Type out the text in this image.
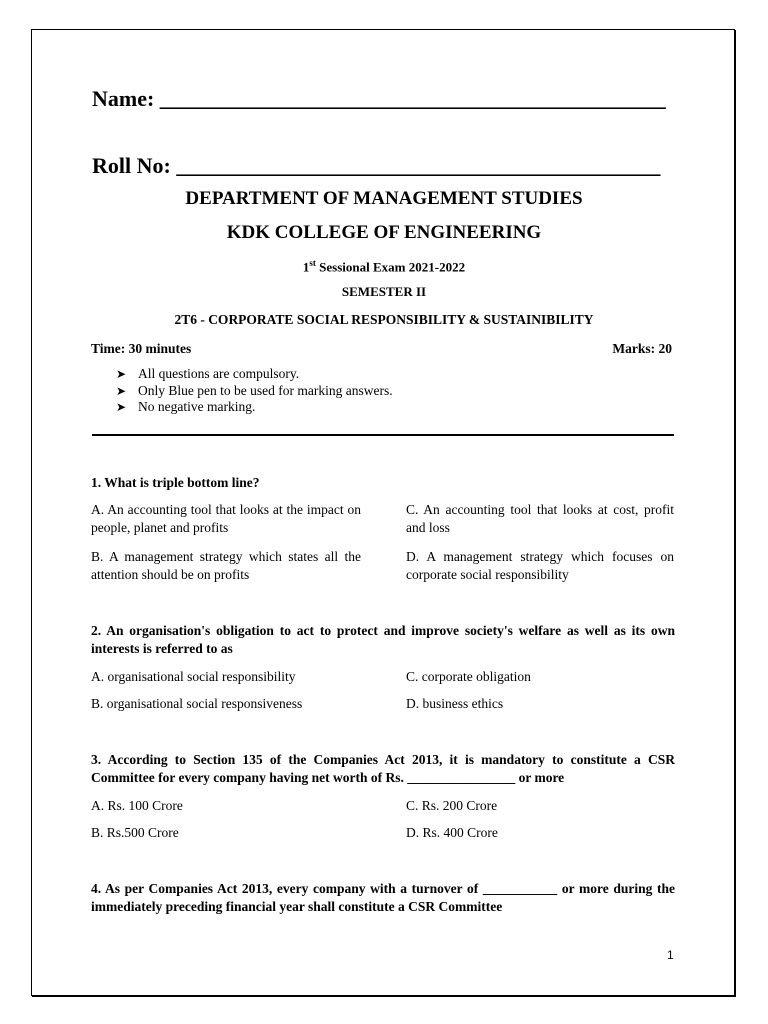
Name: ______________________________________________
Roll No: ____________________________________________
DEPARTMENT OF MANAGEMENT STUDIES
KDK COLLEGE OF ENGINEERING
1st Sessional Exam 2021-2022
SEMESTER II
2T6 - CORPORATE SOCIAL RESPONSIBILITY & SUSTAINIBILITY
Time: 30 minutes	Marks: 20
➤ All questions are compulsory.
➤ Only Blue pen to be used for marking answers.
➤ No negative marking.
1. What is triple bottom line?
A. An accounting tool that looks at the impact on people, planet and profits
C. An accounting tool that looks at cost, profit and loss
B. A management strategy which states all the attention should be on profits
D. A management strategy which focuses on corporate social responsibility
2. An organisation's obligation to act to protect and improve society's welfare as well as its own interests is referred to as
A. organisational social responsibility	C. corporate obligation
B. organisational social responsiveness	D. business ethics
3. According to Section 135 of the Companies Act 2013, it is mandatory to constitute a CSR Committee for every company having net worth of Rs. ________________ or more
A. Rs. 100 Crore	C. Rs. 200 Crore
B. Rs.500 Crore	D. Rs. 400 Crore
4. As per Companies Act 2013, every company with a turnover of ___________ or more during the immediately preceding financial year shall constitute a CSR Committee
1
